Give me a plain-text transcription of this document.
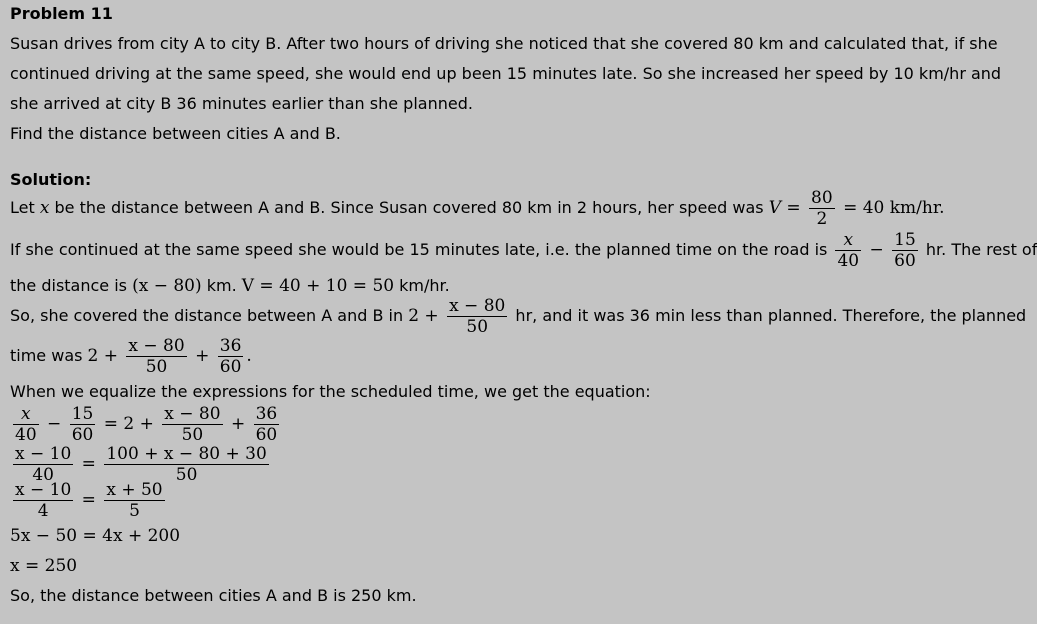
Problem 11
Susan drives from city A to city B. After two hours of driving she noticed that she covered 80 km and calculated that, if she
continued driving at the same speed, she would end up been 15 minutes late. So she increased her speed by 10 km/hr and
she arrived at city B 36 minutes earlier than she planned.
Find the distance between cities A and B.
Solution:
Let x be the distance between A and B. Since Susan covered 80 km in 2 hours, her speed was $V = \frac{80}{2} = 40$ km/hr.
If she continued at the same speed she would be 15 minutes late, i.e. the planned time on the road is $\frac{x}{40} - \frac{15}{60}$ hr. The rest of
the distance is (x − 80) km. V = 40 + 10 = 50 km/hr.
So, she covered the distance between A and B in $2 + \frac{x - 80}{50}$ hr, and it was 36 min less than planned. Therefore, the planned
time was $2 + \frac{x - 80}{50} + \frac{36}{60}$ .
When we equalize the expressions for the scheduled time, we get the equation:
$\frac{x}{40} - \frac{15}{60} = 2 + \frac{x - 80}{50} + \frac{36}{60}$
$\frac{x - 10}{40} = \frac{100 + x - 80 + 30}{50}$
$\frac{x - 10}{4} = \frac{x + 50}{5}$
5x − 50 = 4x + 200
x = 250
So, the distance between cities A and B is 250 km.
